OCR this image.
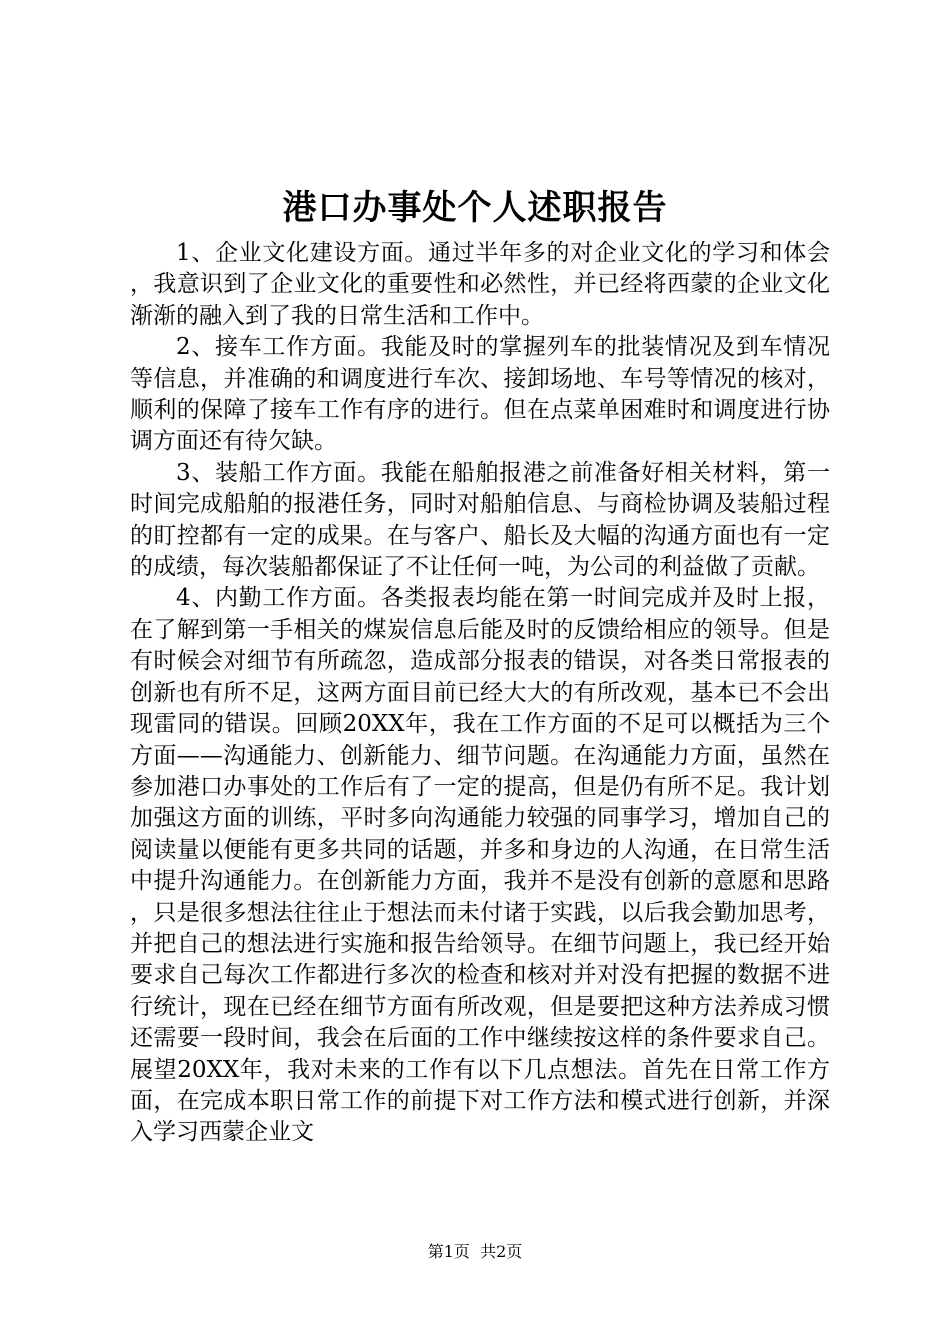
港口办事处个人述职报告

1、企业文化建设方面。通过半年多的对企业文化的学习和体会，我意识到了企业文化的重要性和必然性，并已经将西蒙的企业文化渐渐的融入到了我的日常生活和工作中。

2、接车工作方面。我能及时的掌握列车的批装情况及到车情况等信息，并准确的和调度进行车次、接卸场地、车号等情况的核对，顺利的保障了接车工作有序的进行。但在点菜单困难时和调度进行协调方面还有待欠缺。

3、装船工作方面。我能在船舶报港之前准备好相关材料，第一时间完成船舶的报港任务，同时对船舶信息、与商检协调及装船过程的盯控都有一定的成果。在与客户、船长及大幅的沟通方面也有一定的成绩，每次装船都保证了不让任何一吨，为公司的利益做了贡献。

4、内勤工作方面。各类报表均能在第一时间完成并及时上报，在了解到第一手相关的煤炭信息后能及时的反馈给相应的领导。但是有时候会对细节有所疏忽，造成部分报表的错误，对各类日常报表的创新也有所不足，这两方面目前已经大大的有所改观，基本已不会出现雷同的错误。回顾20XX年，我在工作方面的不足可以概括为三个方面——沟通能力、创新能力、细节问题。在沟通能力方面，虽然在参加港口办事处的工作后有了一定的提高，但是仍有所不足。我计划加强这方面的训练，平时多向沟通能力较强的同事学习，增加自己的阅读量以便能有更多共同的话题，并多和身边的人沟通，在日常生活中提升沟通能力。在创新能力方面，我并不是没有创新的意愿和思路，只是很多想法往往止于想法而未付诸于实践，以后我会勤加思考，并把自己的想法进行实施和报告给领导。在细节问题上，我已经开始要求自己每次工作都进行多次的检查和核对并对没有把握的数据不进行统计，现在已经在细节方面有所改观，但是要把这种方法养成习惯还需要一段时间，我会在后面的工作中继续按这样的条件要求自己。展望20XX年，我对未来的工作有以下几点想法。首先在日常工作方面，在完成本职日常工作的前提下对工作方法和模式进行创新，并深入学习西蒙企业文

第1页 共2页
